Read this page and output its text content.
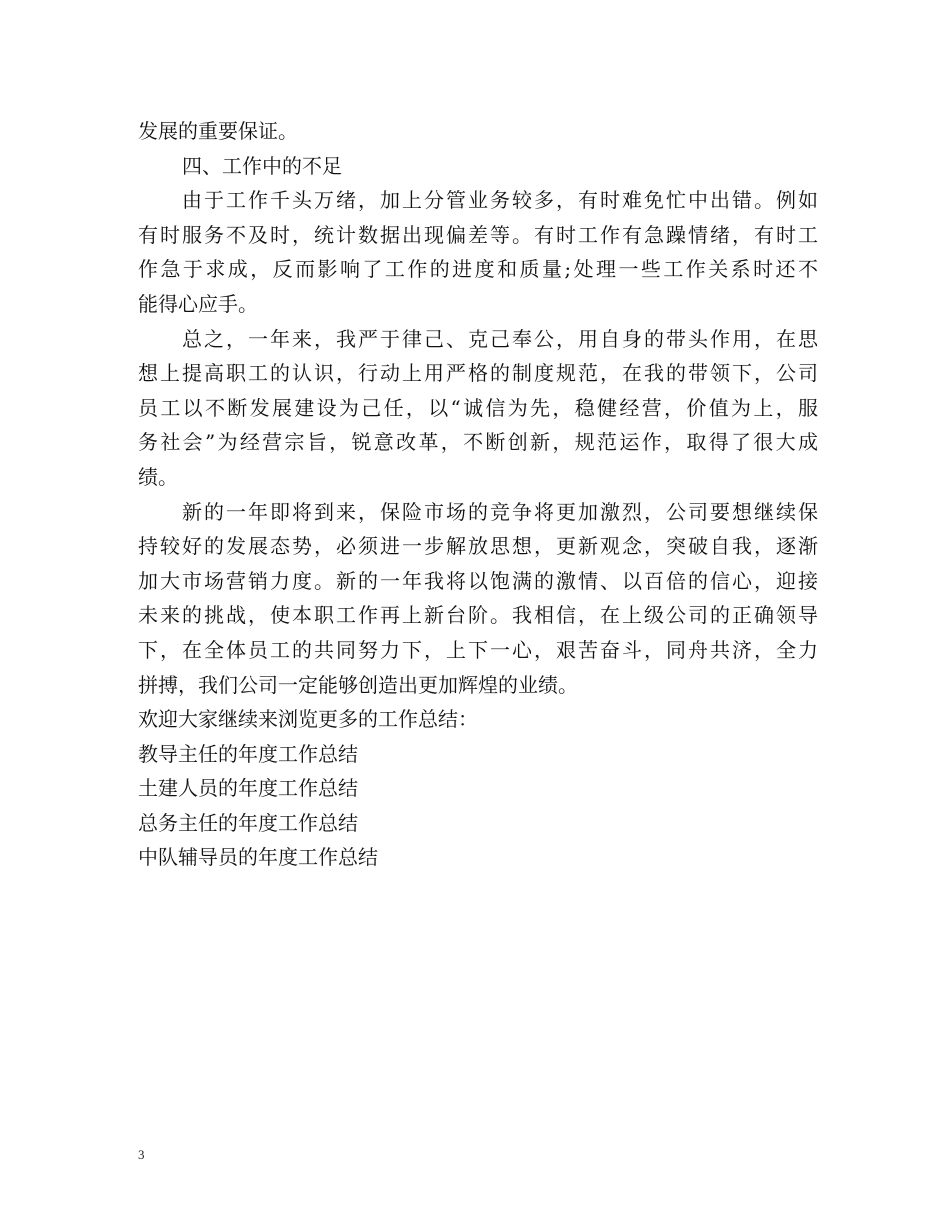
发展的重要保证。
四、工作中的不足
由于工作千头万绪，加上分管业务较多，有时难免忙中出错。例如
有时服务不及时，统计数据出现偏差等。有时工作有急躁情绪，有时工
作急于求成，反而影响了工作的进度和质量;处理一些工作关系时还不
能得心应手。
总之，一年来，我严于律己、克己奉公，用自身的带头作用，在思
想上提高职工的认识，行动上用严格的制度规范，在我的带领下，公司
员工以不断发展建设为己任，以“诚信为先，稳健经营，价值为上，服
务社会”为经营宗旨，锐意改革，不断创新，规范运作，取得了很大成
绩。
新的一年即将到来，保险市场的竞争将更加激烈，公司要想继续保
持较好的发展态势，必须进一步解放思想，更新观念，突破自我，逐渐
加大市场营销力度。新的一年我将以饱满的激情、以百倍的信心，迎接
未来的挑战，使本职工作再上新台阶。我相信，在上级公司的正确领导
下，在全体员工的共同努力下，上下一心，艰苦奋斗，同舟共济，全力
拼搏，我们公司一定能够创造出更加辉煌的业绩。
欢迎大家继续来浏览更多的工作总结：
教导主任的年度工作总结
土建人员的年度工作总结
总务主任的年度工作总结
中队辅导员的年度工作总结
3
